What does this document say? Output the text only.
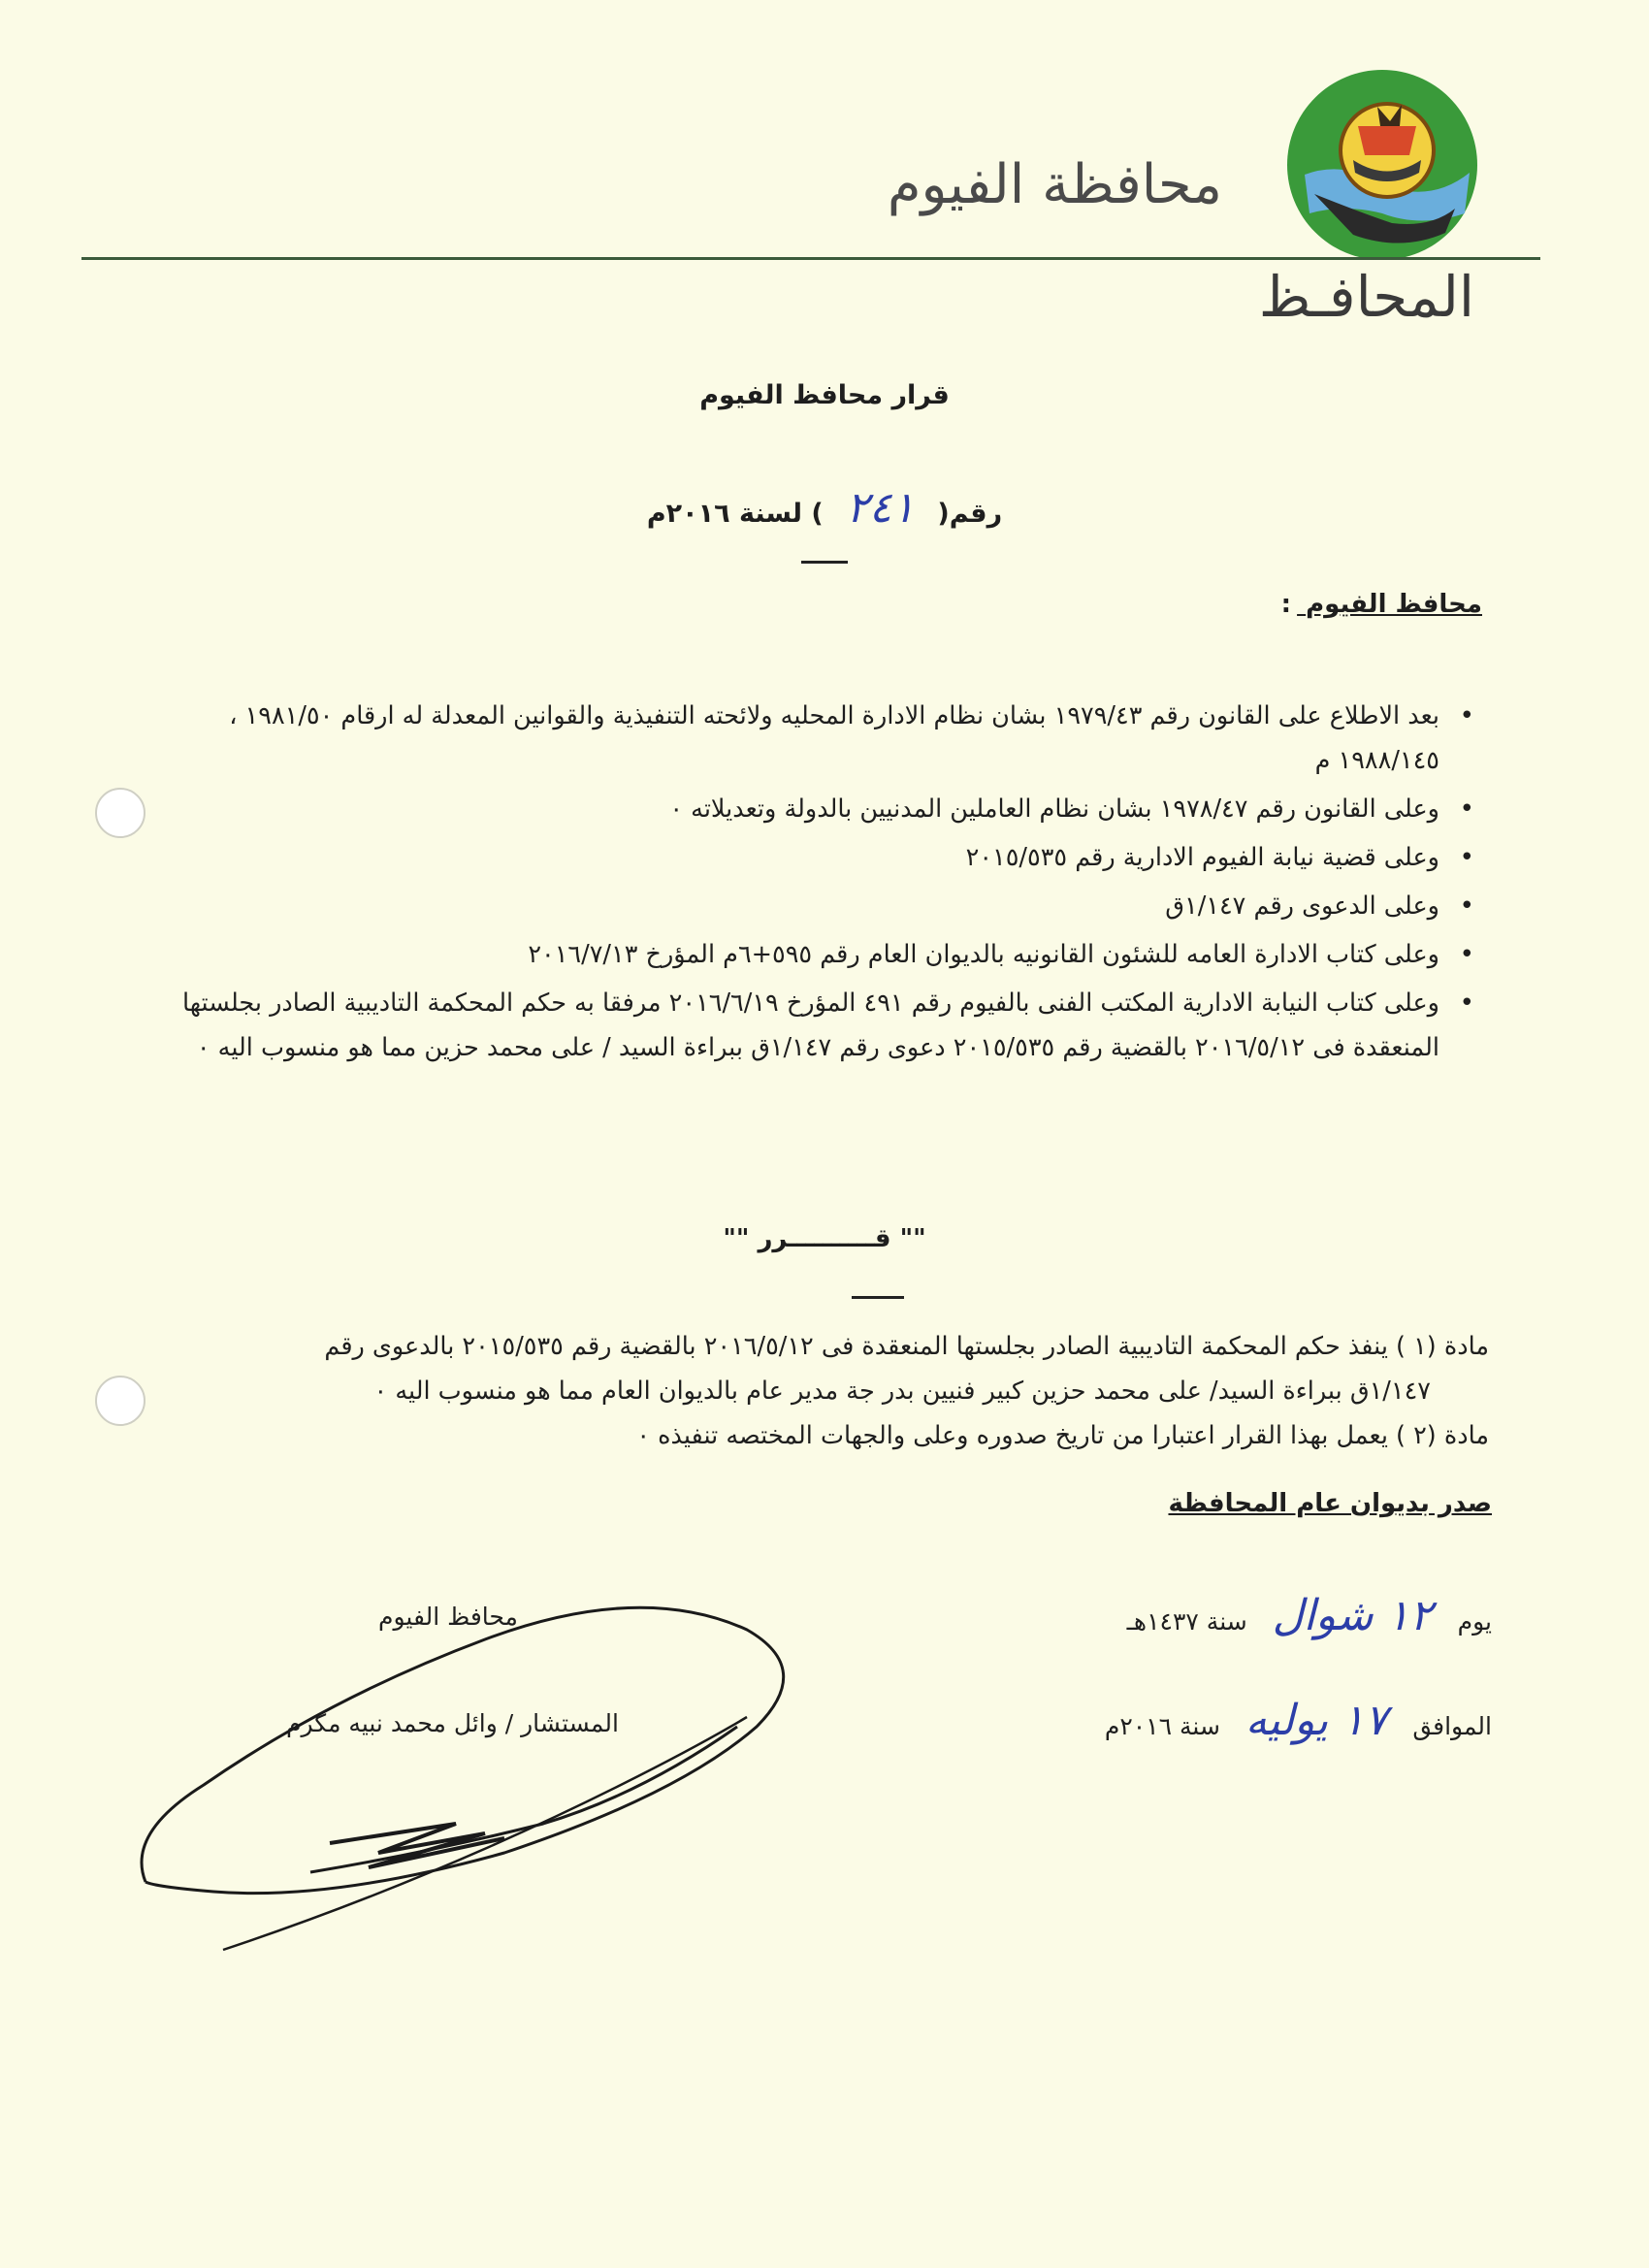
محافظة الفيوم
المحافـظ
قرار محافظ الفيوم
رقم( ٢٤١ ) لسنة ٢٠١٦م
محافظ الفيوم :
• بعد الاطلاع على القانون رقم ١٩٧٩/٤٣ بشان نظام الادارة المحليه ولائحته التنفيذية والقوانين المعدلة له ارقام ١٩٨١/٥٠ ، ١٩٨٨/١٤٥ م
• وعلى القانون رقم ١٩٧٨/٤٧ بشان نظام العاملين المدنيين بالدولة وتعديلاته ٠
• وعلى قضية نيابة الفيوم الادارية رقم ٢٠١٥/٥٣٥
• وعلى الدعوى رقم ١/١٤٧ق
• وعلى كتاب الادارة العامه للشئون القانونيه بالديوان العام رقم ٥٩٥+٦م المؤرخ ٢٠١٦/٧/١٣
• وعلى كتاب النيابة الادارية المكتب الفنى بالفيوم رقم ٤٩١ المؤرخ ٢٠١٦/٦/١٩ مرفقا به حكم المحكمة التاديبية الصادر بجلستها المنعقدة فى ٢٠١٦/٥/١٢ بالقضية رقم ٢٠١٥/٥٣٥ دعوى رقم ١/١٤٧ق ببراءة السيد / على محمد حزين مما هو منسوب اليه ٠
"" قــــــــــرر ""
مادة (١ ) ينفذ حكم المحكمة التاديبية الصادر بجلستها المنعقدة فى ٢٠١٦/٥/١٢ بالقضية رقم ٢٠١٥/٥٣٥ بالدعوى رقم
١/١٤٧ق ببراءة السيد/ على محمد حزين كبير فنيين بدر جة مدير عام بالديوان العام مما هو منسوب اليه ٠
مادة (٢ ) يعمل بهذا القرار اعتبارا من تاريخ صدوره وعلى والجهات المختصه تنفيذه ٠
صدر بديوان عام المحافظة
يوم ١٢ شوال سنة ١٤٣٧هـ
الموافق ١٧ يوليه سنة ٢٠١٦م
محافظ الفيوم
المستشار / وائل محمد نبيه مكرم
